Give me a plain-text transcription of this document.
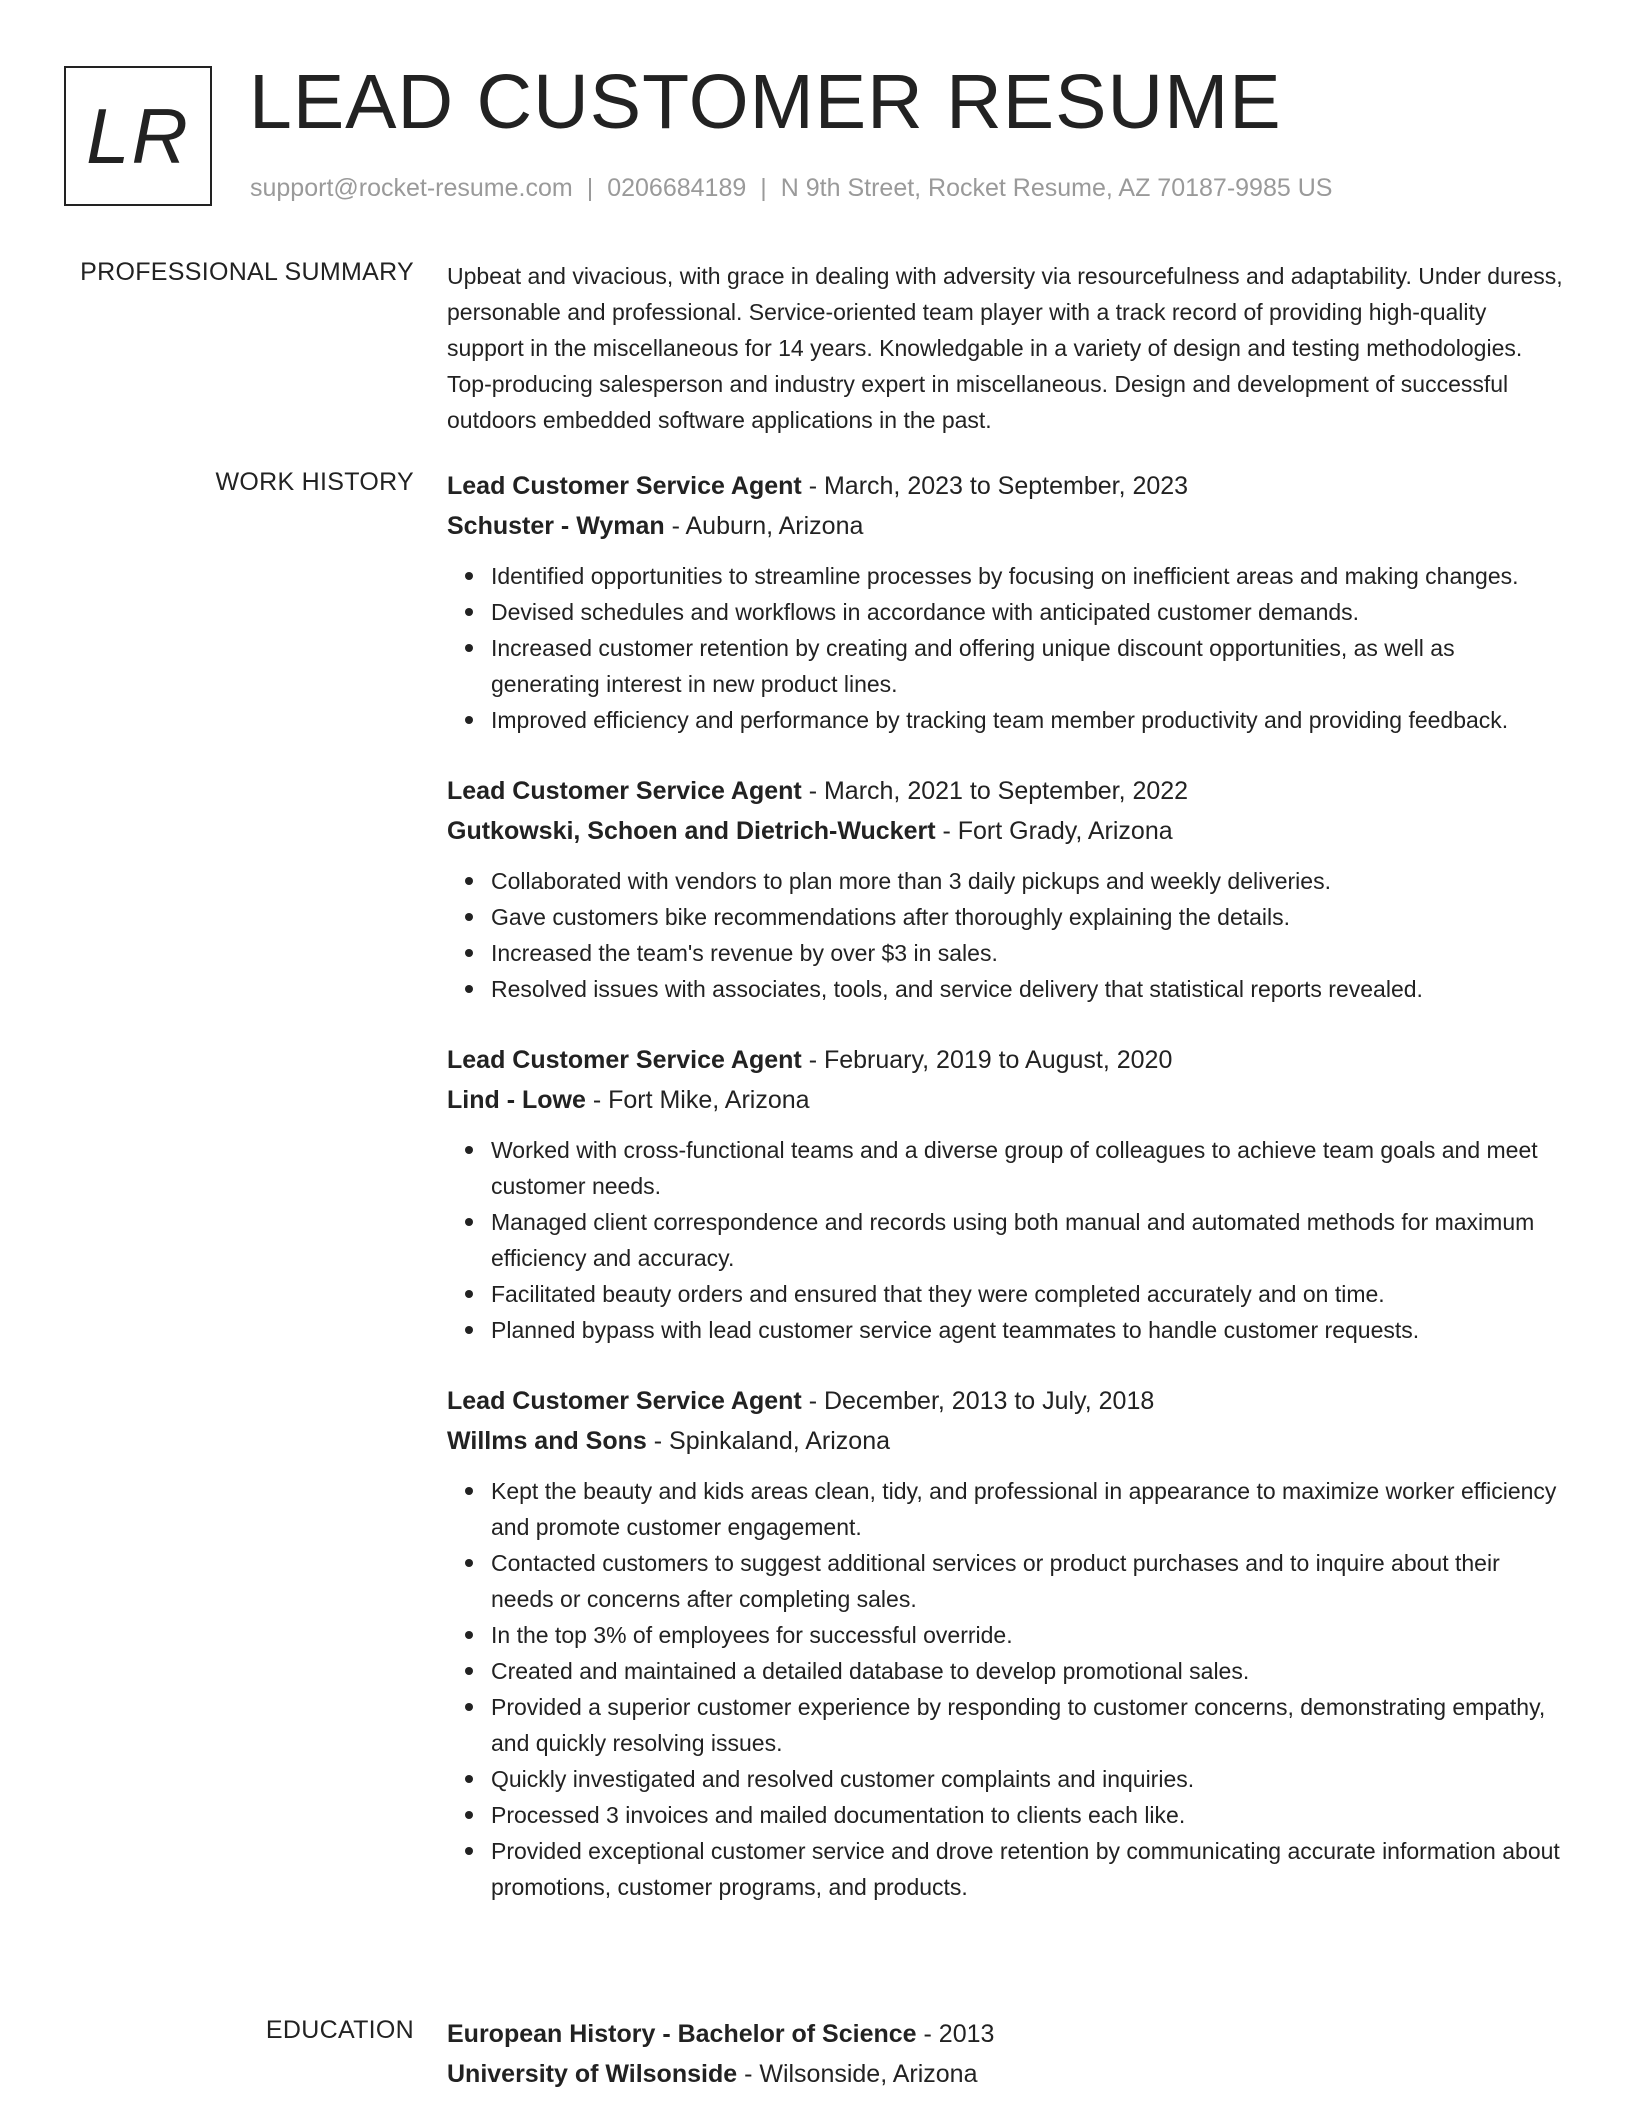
LR LEAD CUSTOMER RESUME
support@rocket-resume.com | 0206684189 | N 9th Street, Rocket Resume, AZ 70187-9985 US
PROFESSIONAL SUMMARY Upbeat and vivacious, with grace in dealing with adversity via resourcefulness and adaptability. Under duress, personable and professional. Service-oriented team player with a track record of providing high-quality support in the miscellaneous for 14 years. Knowledgable in a variety of design and testing methodologies. Top-producing salesperson and industry expert in miscellaneous. Design and development of successful outdoors embedded software applications in the past.

WORK HISTORY Lead Customer Service Agent - March, 2023 to September, 2023
Schuster - Wyman - Auburn, Arizona
Identified opportunities to streamline processes by focusing on inefficient areas and making changes.
Devised schedules and workflows in accordance with anticipated customer demands.
Increased customer retention by creating and offering unique discount opportunities, as well as generating interest in new product lines.
Improved efficiency and performance by tracking team member productivity and providing feedback.
Lead Customer Service Agent - March, 2021 to September, 2022
Gutkowski, Schoen and Dietrich-Wuckert - Fort Grady, Arizona
Collaborated with vendors to plan more than 3 daily pickups and weekly deliveries.
Gave customers bike recommendations after thoroughly explaining the details.
Increased the team's revenue by over $3 in sales.
Resolved issues with associates, tools, and service delivery that statistical reports revealed.
Lead Customer Service Agent - February, 2019 to August, 2020
Lind - Lowe - Fort Mike, Arizona
Worked with cross-functional teams and a diverse group of colleagues to achieve team goals and meet customer needs.
Managed client correspondence and records using both manual and automated methods for maximum efficiency and accuracy.
Facilitated beauty orders and ensured that they were completed accurately and on time.
Planned bypass with lead customer service agent teammates to handle customer requests.
Lead Customer Service Agent - December, 2013 to July, 2018
Willms and Sons - Spinkaland, Arizona
Kept the beauty and kids areas clean, tidy, and professional in appearance to maximize worker efficiency and promote customer engagement.
Contacted customers to suggest additional services or product purchases and to inquire about their needs or concerns after completing sales.
In the top 3% of employees for successful override.
Created and maintained a detailed database to develop promotional sales.
Provided a superior customer experience by responding to customer concerns, demonstrating empathy, and quickly resolving issues.
Quickly investigated and resolved customer complaints and inquiries.
Processed 3 invoices and mailed documentation to clients each like.
Provided exceptional customer service and drove retention by communicating accurate information about promotions, customer programs, and products.
EDUCATION European History - Bachelor of Science - 2013
University of Wilsonside - Wilsonside, Arizona
